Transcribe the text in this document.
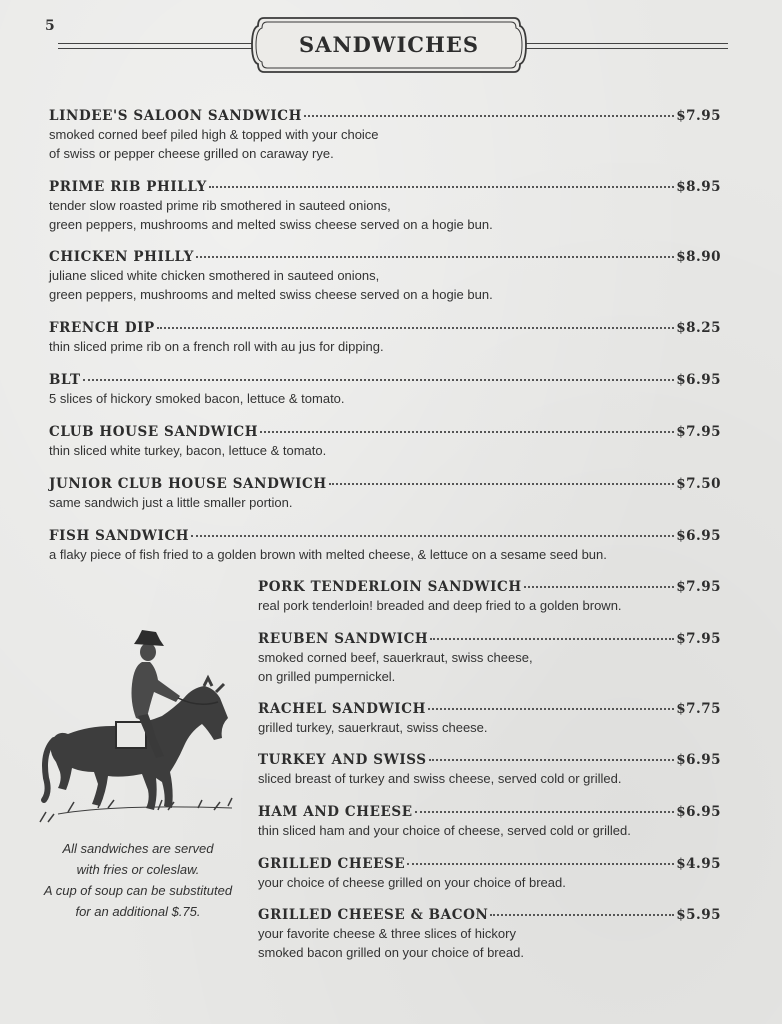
5
SANDWICHES
LINDEE'S SALOON SANDWICH	$7.95
smoked corned beef piled high & topped with your choice
of swiss or pepper cheese grilled on caraway rye.
PRIME RIB PHILLY	$8.95
tender slow roasted prime rib smothered in sauteed onions,
green peppers, mushrooms and melted swiss cheese served on a hogie bun.
CHICKEN PHILLY	$8.90
juliane sliced white chicken smothered in sauteed onions,
green peppers, mushrooms and melted swiss cheese served on a hogie bun.
FRENCH DIP	$8.25
thin sliced prime rib on a french roll with au jus for dipping.
BLT	$6.95
5 slices of hickory smoked bacon, lettuce & tomato.
CLUB HOUSE SANDWICH	$7.95
thin sliced white turkey, bacon, lettuce & tomato.
JUNIOR CLUB HOUSE SANDWICH	$7.50
same sandwich just a little smaller portion.
FISH SANDWICH	$6.95
a flaky piece of fish fried to a golden brown with melted cheese, & lettuce on a sesame seed bun.
PORK TENDERLOIN SANDWICH	$7.95
real pork tenderloin! breaded and deep fried to a golden brown.
REUBEN SANDWICH	$7.95
smoked corned beef, sauerkraut, swiss cheese,
on grilled pumpernickel.
RACHEL SANDWICH	$7.75
grilled turkey, sauerkraut, swiss cheese.
TURKEY AND SWISS	$6.95
sliced breast of turkey and swiss cheese, served cold or grilled.
HAM AND CHEESE	$6.95
thin sliced ham and your choice of cheese, served cold or grilled.
GRILLED CHEESE	$4.95
your choice of cheese grilled on your choice of bread.
GRILLED CHEESE & BACON	$5.95
your favorite cheese & three slices of hickory
smoked bacon grilled on your choice of bread.
All sandwiches are served
with fries or coleslaw.
A cup of soup can be substituted
for an additional $.75.
